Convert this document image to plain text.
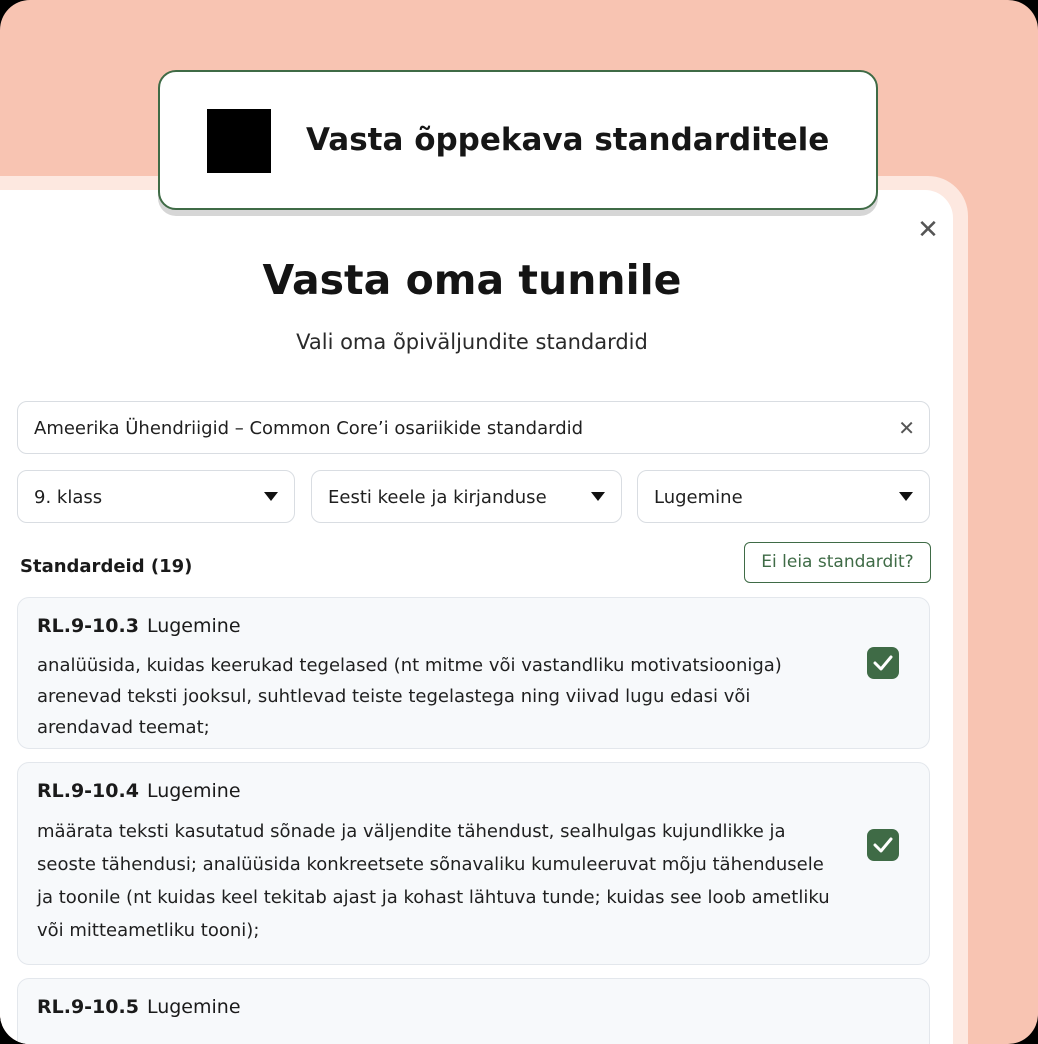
Vasta õppekava standarditele
✕
Vasta oma tunnile
Vali oma õpiväljundite standardid
Ameerika Ühendriigid – Common Core’i osariikide standardid	✕
9. klass	Eesti keele ja kirjanduse	Lugemine
Standardeid (19)	Ei leia standardit?
RL.9-10.3 Lugemine
analüüsida, kuidas keerukad tegelased (nt mitme või vastandliku motivatsiooniga) arenevad teksti jooksul, suhtlevad teiste tegelastega ning viivad lugu edasi või arendavad teemat;
RL.9-10.4 Lugemine
määrata teksti kasutatud sõnade ja väljendite tähendust, sealhulgas kujundlikke ja seoste tähendusi; analüüsida konkreetsete sõnavaliku kumuleeruvat mõju tähendusele ja toonile (nt kuidas keel tekitab ajast ja kohast lähtuva tunde; kuidas see loob ametliku või mitteametliku tooni);
RL.9-10.5 Lugemine
